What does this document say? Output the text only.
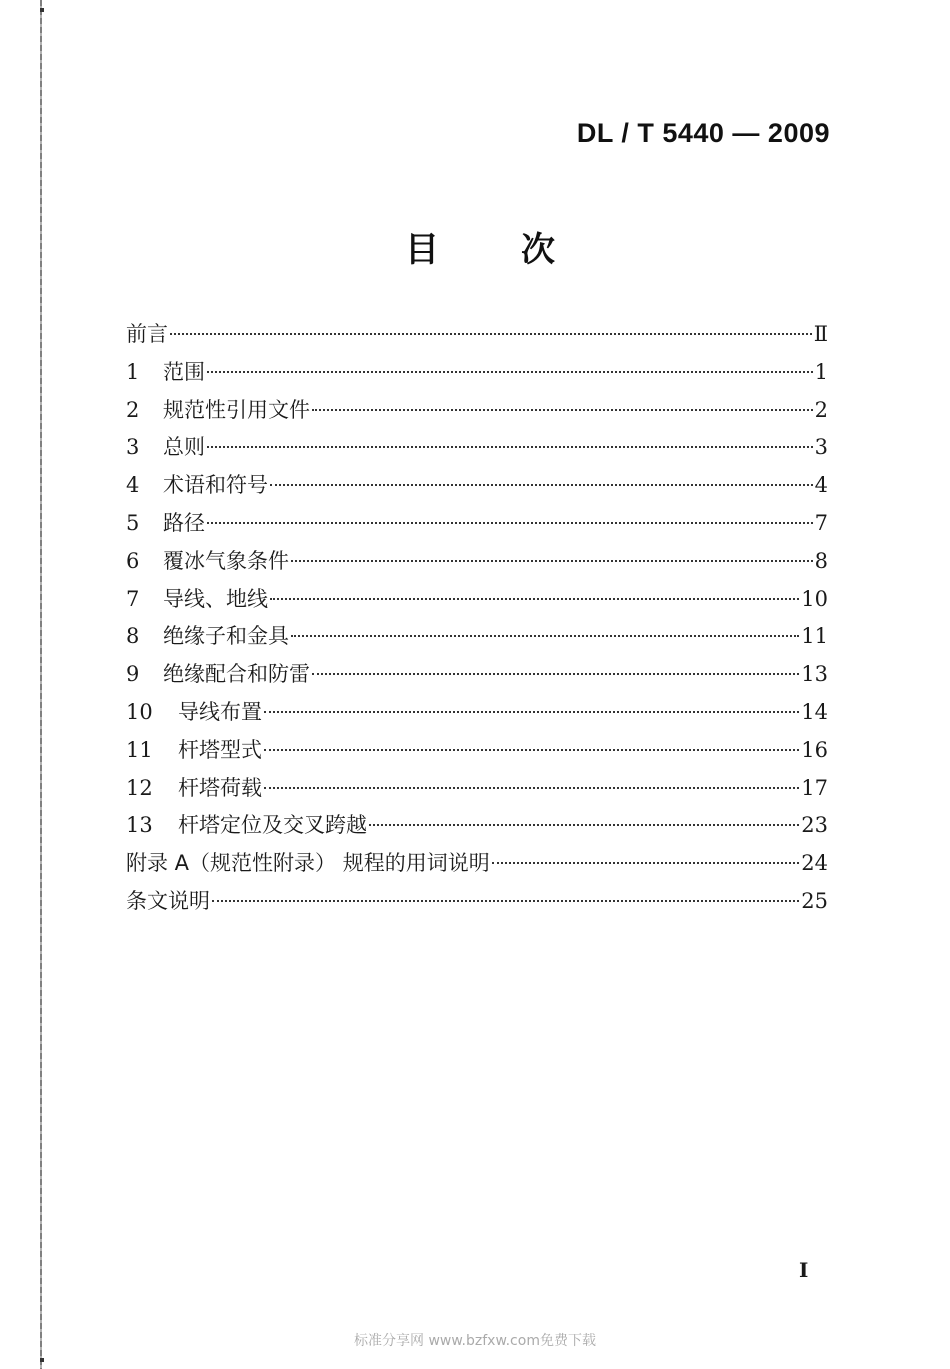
DL / T 5440 — 2009
目 次
前言	Ⅱ
1	范围	1
2	规范性引用文件	2
3	总则	3
4	术语和符号	4
5	路径	7
6	覆冰气象条件	8
7	导线、地线	10
8	绝缘子和金具	11
9	绝缘配合和防雷	13
10	导线布置	14
11	杆塔型式	16
12	杆塔荷载	17
13	杆塔定位及交叉跨越	23
附录 A（规范性附录） 规程的用词说明	24
条文说明	25
I
标准分享网 www.bzfxw.com免费下载
